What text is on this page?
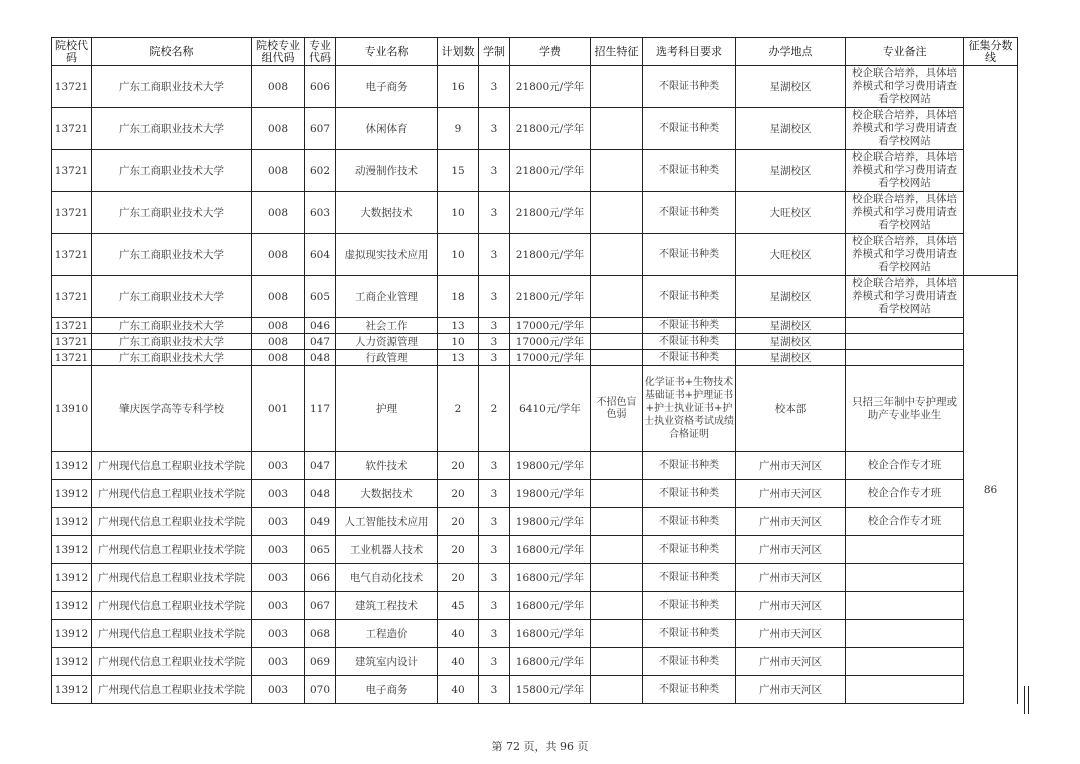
院校代码	院校名称	院校专业组代码	专业代码	专业名称	计划数	学制	学费	招生特征	选考科目要求	办学地点	专业备注	征集分数线
13721	广东工商职业技术大学	008	606	电子商务	16	3	21800元/学年		不限证书种类	星湖校区	校企联合培养，具体培养模式和学习费用请查看学校网站	
13721	广东工商职业技术大学	008	607	休闲体育	9	3	21800元/学年		不限证书种类	星湖校区	校企联合培养，具体培养模式和学习费用请查看学校网站	
13721	广东工商职业技术大学	008	602	动漫制作技术	15	3	21800元/学年		不限证书种类	星湖校区	校企联合培养，具体培养模式和学习费用请查看学校网站	
13721	广东工商职业技术大学	008	603	大数据技术	10	3	21800元/学年		不限证书种类	大旺校区	校企联合培养，具体培养模式和学习费用请查看学校网站	
13721	广东工商职业技术大学	008	604	虚拟现实技术应用	10	3	21800元/学年		不限证书种类	大旺校区	校企联合培养，具体培养模式和学习费用请查看学校网站	
13721	广东工商职业技术大学	008	605	工商企业管理	18	3	21800元/学年		不限证书种类	星湖校区	校企联合培养，具体培养模式和学习费用请查看学校网站	86
13721	广东工商职业技术大学	008	046	社会工作	13	3	17000元/学年		不限证书种类	星湖校区		
13721	广东工商职业技术大学	008	047	人力资源管理	10	3	17000元/学年		不限证书种类	星湖校区		
13721	广东工商职业技术大学	008	048	行政管理	13	3	17000元/学年		不限证书种类	星湖校区		
13910	肇庆医学高等专科学校	001	117	护理	2	2	6410元/学年	不招色盲色弱	化学证书+生物技术基础证书+护理证书+护士执业证书+护士执业资格考试成绩合格证明	校本部	只招三年制中专护理或助产专业毕业生	
13912	广州现代信息工程职业技术学院	003	047	软件技术	20	3	19800元/学年		不限证书种类	广州市天河区	校企合作专才班	
13912	广州现代信息工程职业技术学院	003	048	大数据技术	20	3	19800元/学年		不限证书种类	广州市天河区	校企合作专才班	
13912	广州现代信息工程职业技术学院	003	049	人工智能技术应用	20	3	19800元/学年		不限证书种类	广州市天河区	校企合作专才班	
13912	广州现代信息工程职业技术学院	003	065	工业机器人技术	20	3	16800元/学年		不限证书种类	广州市天河区		
13912	广州现代信息工程职业技术学院	003	066	电气自动化技术	20	3	16800元/学年		不限证书种类	广州市天河区		
13912	广州现代信息工程职业技术学院	003	067	建筑工程技术	45	3	16800元/学年		不限证书种类	广州市天河区		
13912	广州现代信息工程职业技术学院	003	068	工程造价	40	3	16800元/学年		不限证书种类	广州市天河区		
13912	广州现代信息工程职业技术学院	003	069	建筑室内设计	40	3	16800元/学年		不限证书种类	广州市天河区		
13912	广州现代信息工程职业技术学院	003	070	电子商务	40	3	15800元/学年		不限证书种类	广州市天河区		
第 72 页，共 96 页
